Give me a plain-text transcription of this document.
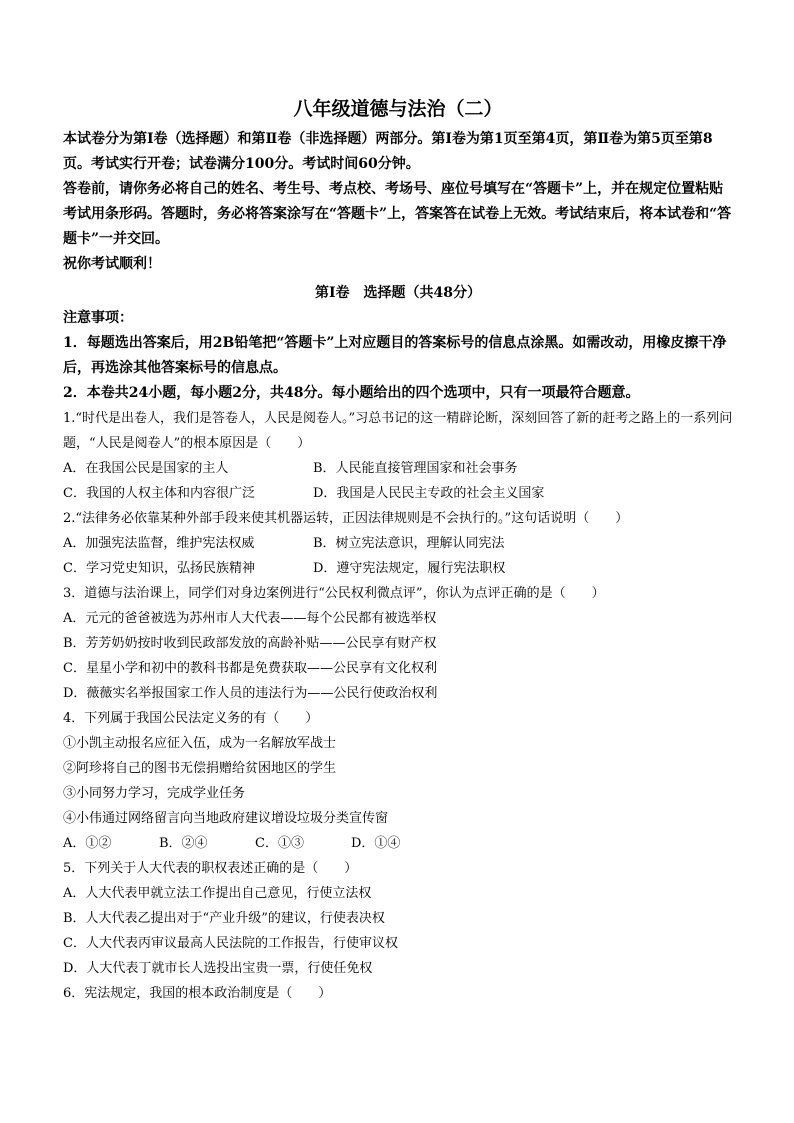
八年级道德与法治（二）

本试卷分为第Ⅰ卷（选择题）和第Ⅱ卷（非选择题）两部分。第Ⅰ卷为第1页至第4页，第Ⅱ卷为第5页至第8页。考试实行开卷；试卷满分100分。考试时间60分钟。

答卷前，请你务必将自己的姓名、考生号、考点校、考场号、座位号填写在“答题卡”上，并在规定位置粘贴考试用条形码。答题时，务必将答案涂写在“答题卡”上，答案答在试卷上无效。考试结束后，将本试卷和“答题卡”一并交回。

祝你考试顺利！

第Ⅰ卷　选择题（共48分）
注意事项：

1．每题选出答案后，用2B铅笔把“答题卡”上对应题目的答案标号的信息点涂黑。如需改动，用橡皮擦干净后，再选涂其他答案标号的信息点。

2．本卷共24小题，每小题2分，共48分。每小题给出的四个选项中，只有一项最符合题意。

1.“时代是出卷人，我们是答卷人，人民是阅卷人。”习总书记的这一精辟论断，深刻回答了新的赶考之路上的一系列问题，“人民是阅卷人”的根本原因是（　　）

A．在我国公民是国家的主人	B．人民能直接管理国家和社会事务
C．我国的人权主体和内容很广泛	D．我国是人民民主专政的社会主义国家

2.“法律务必依靠某种外部手段来使其机器运转，正因法律规则是不会执行的。”这句话说明（　　）

A．加强宪法监督，维护宪法权威	B．树立宪法意识，理解认同宪法
C．学习党史知识，弘扬民族精神	D．遵守宪法规定，履行宪法职权

3．道德与法治课上，同学们对身边案例进行“公民权利微点评”，你认为点评正确的是（　　）

A．元元的爸爸被选为苏州市人大代表——每个公民都有被选举权

B．芳芳奶奶按时收到民政部发放的高龄补贴——公民享有财产权

C．星星小学和初中的教科书都是免费获取——公民享有文化权利

D．薇薇实名举报国家工作人员的违法行为——公民行使政治权利

4．下列属于我国公民法定义务的有（　　）

①小凯主动报名应征入伍，成为一名解放军战士

②阿珍将自己的图书无偿捐赠给贫困地区的学生

③小同努力学习，完成学业任务

④小伟通过网络留言向当地政府建议增设垃圾分类宣传窗

A．①②	B．②④	C．①③	D．①④

5．下列关于人大代表的职权表述正确的是（　　）

A．人大代表甲就立法工作提出自己意见，行使立法权

B．人大代表乙提出对于“产业升级”的建议，行使表决权

C．人大代表丙审议最高人民法院的工作报告，行使审议权

D．人大代表丁就市长人选投出宝贵一票，行使任免权

6．宪法规定，我国的根本政治制度是（　　）
